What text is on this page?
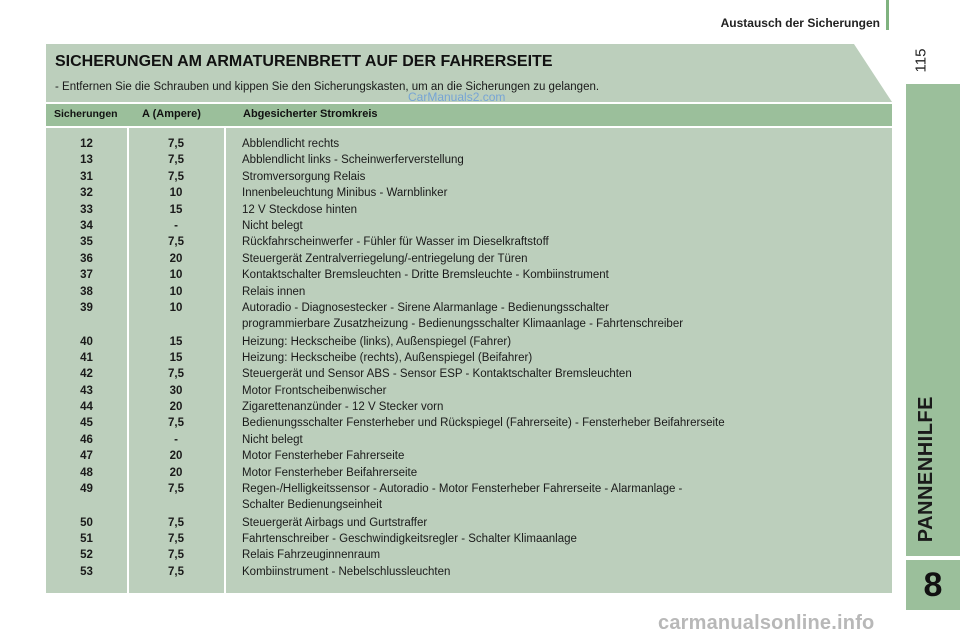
Austausch der Sicherungen
115
PANNENHILFE
8
SICHERUNGEN AM ARMATURENBRETT AUF DER FAHRERSEITE
- Entfernen Sie die Schrauben und kippen Sie den Sicherungskasten, um an die Sicherungen zu gelangen.
CarManuals2.com
Sicherungen A (Ampere)	Abgesicherter Stromkreis
12	7,5	Abblendlicht rechts
13	7,5	Abblendlicht links - Scheinwerferverstellung
31	7,5	Stromversorgung Relais
32	10	Innenbeleuchtung Minibus - Warnblinker
33	15	12 V Steckdose hinten
34	-	Nicht belegt
35	7,5	Rückfahrscheinwerfer - Fühler für Wasser im Dieselkraftstoff
36	20	Steuergerät Zentralverriegelung/-entriegelung der Türen
37	10	Kontaktschalter Bremsleuchten - Dritte Bremsleuchte - Kombiinstrument
38	10	Relais innen
39	10	Autoradio - Diagnosestecker - Sirene Alarmanlage - Bedienungsschalter
programmierbare Zusatzheizung - Bedienungsschalter Klimaanlage - Fahrtenschreiber
40	15	Heizung: Heckscheibe (links), Außenspiegel (Fahrer)
41	15	Heizung: Heckscheibe (rechts), Außenspiegel (Beifahrer)
42	7,5	Steuergerät und Sensor ABS - Sensor ESP - Kontaktschalter Bremsleuchten
43	30	Motor Frontscheibenwischer
44	20	Zigarettenanzünder - 12 V Stecker vorn
45	7,5	Bedienungsschalter Fensterheber und Rückspiegel (Fahrerseite) - Fensterheber Beifahrerseite
46	-	Nicht belegt
47	20	Motor Fensterheber Fahrerseite
48	20	Motor Fensterheber Beifahrerseite
49	7,5	Regen-/Helligkeitssensor - Autoradio - Motor Fensterheber Fahrerseite - Alarmanlage -
Schalter Bedienungseinheit
50	7,5	Steuergerät Airbags und Gurtstraffer
51	7,5	Fahrtenschreiber - Geschwindigkeitsregler - Schalter Klimaanlage
52	7,5	Relais Fahrzeuginnenraum
53	7,5	Kombiinstrument - Nebelschlussleuchten
carmanualsonline.info
